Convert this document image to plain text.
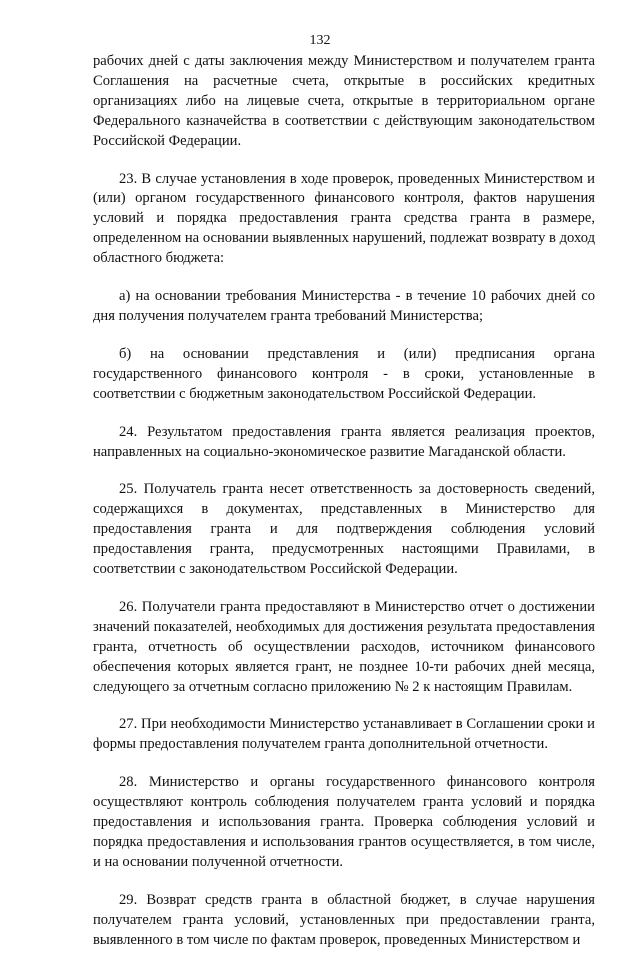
132

рабочих дней с даты заключения между Министерством и получателем гранта Соглашения на расчетные счета, открытые в российских кредитных организациях либо на лицевые счета, открытые в территориальном органе Федерального казначейства в соответствии с действующим законодательством Российской Федерации.

23. В случае установления в ходе проверок, проведенных Министерством и (или) органом государственного финансового контроля, фактов нарушения условий и порядка предоставления гранта средства гранта в размере, определенном на основании выявленных нарушений, подлежат возврату в доход областного бюджета:

а) на основании требования Министерства - в течение 10 рабочих дней со дня получения получателем гранта требований Министерства;

б) на основании представления и (или) предписания органа государственного финансового контроля - в сроки, установленные в соответствии с бюджетным законодательством Российской Федерации.

24. Результатом предоставления гранта является реализация проектов, направленных на социально-экономическое развитие Магаданской области.

25. Получатель гранта несет ответственность за достоверность сведений, содержащихся в документах, представленных в Министерство для предоставления гранта и для подтверждения соблюдения условий предоставления гранта, предусмотренных настоящими Правилами, в соответствии с законодательством Российской Федерации.

26. Получатели гранта предоставляют в Министерство отчет о достижении значений показателей, необходимых для достижения результата предоставления гранта, отчетность об осуществлении расходов, источником финансового обеспечения которых является грант, не позднее 10-ти рабочих дней месяца, следующего за отчетным согласно приложению № 2 к настоящим Правилам.

27. При необходимости Министерство устанавливает в Соглашении сроки и формы предоставления получателем гранта дополнительной отчетности.

28. Министерство и органы государственного финансового контроля осуществляют контроль соблюдения получателем гранта условий и порядка предоставления и использования гранта. Проверка соблюдения условий и порядка предоставления и использования грантов осуществляется, в том числе, и на основании полученной отчетности.

29. Возврат средств гранта в областной бюджет, в случае нарушения получателем гранта условий, установленных при предоставлении гранта, выявленного в том числе по фактам проверок, проведенных Министерством и
